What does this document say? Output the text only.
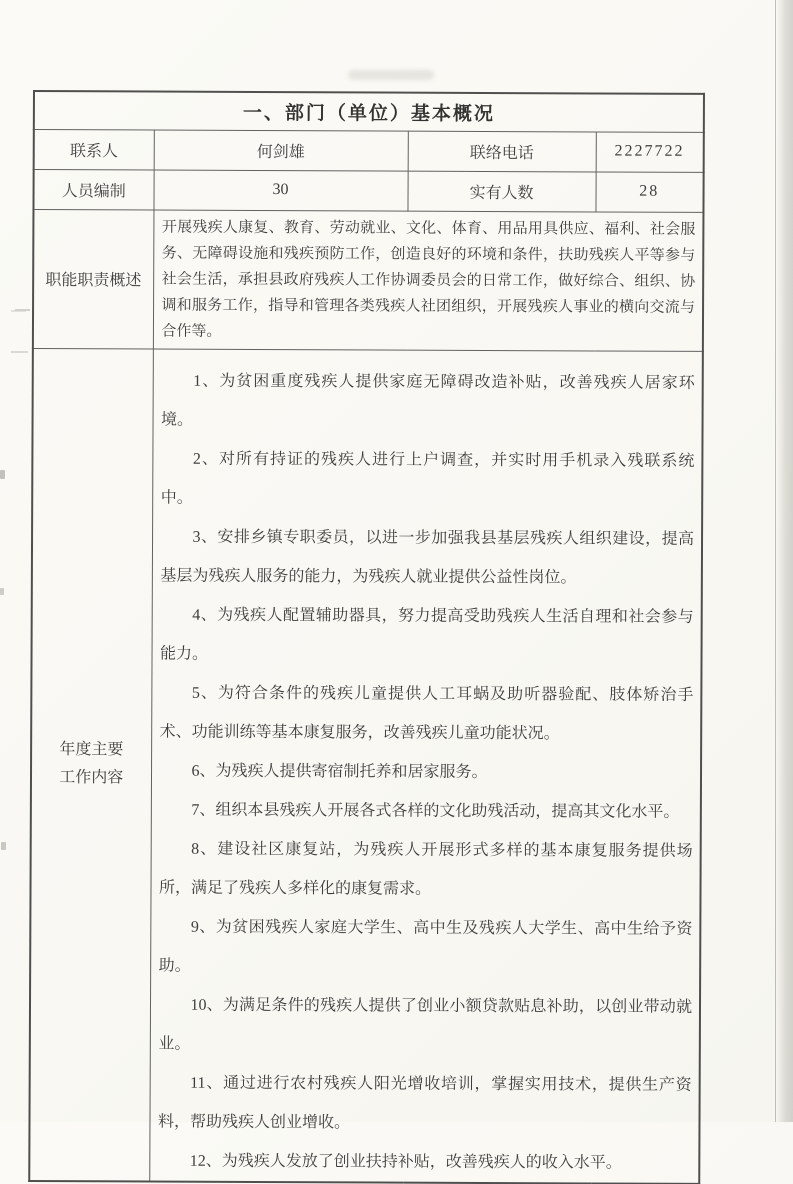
一、部门（单位）基本概况			
联系人	何剑雄	联络电话	2227722
人员编制	30	实有人数	28
职能职责概述	开展残疾人康复、教育、劳动就业、文化、体育、用品用具供应、福利、社会服务、无障碍设施和残疾预防工作，创造良好的环境和条件，扶助残疾人平等参与社会生活，承担县政府残疾人工作协调委员会的日常工作，做好综合、组织、协调和服务工作，指导和管理各类残疾人社团组织，开展残疾人事业的横向交流与合作等。		

年度主要
工作内容

1、为贫困重度残疾人提供家庭无障碍改造补贴，改善残疾人居家环境。

2、对所有持证的残疾人进行上户调查，并实时用手机录入残联系统中。

3、安排乡镇专职委员，以进一步加强我县基层残疾人组织建设，提高基层为残疾人服务的能力，为残疾人就业提供公益性岗位。

4、为残疾人配置辅助器具，努力提高受助残疾人生活自理和社会参与能力。

5、为符合条件的残疾儿童提供人工耳蜗及助听器验配、肢体矫治手术、功能训练等基本康复服务，改善残疾儿童功能状况。

6、为残疾人提供寄宿制托养和居家服务。

7、组织本县残疾人开展各式各样的文化助残活动，提高其文化水平。

8、建设社区康复站，为残疾人开展形式多样的基本康复服务提供场所，满足了残疾人多样化的康复需求。

9、为贫困残疾人家庭大学生、高中生及残疾人大学生、高中生给予资助。

10、为满足条件的残疾人提供了创业小额贷款贴息补助，以创业带动就业。

11、通过进行农村残疾人阳光增收培训，掌握实用技术，提供生产资料，帮助残疾人创业增收。

12、为残疾人发放了创业扶持补贴，改善残疾人的收入水平。
